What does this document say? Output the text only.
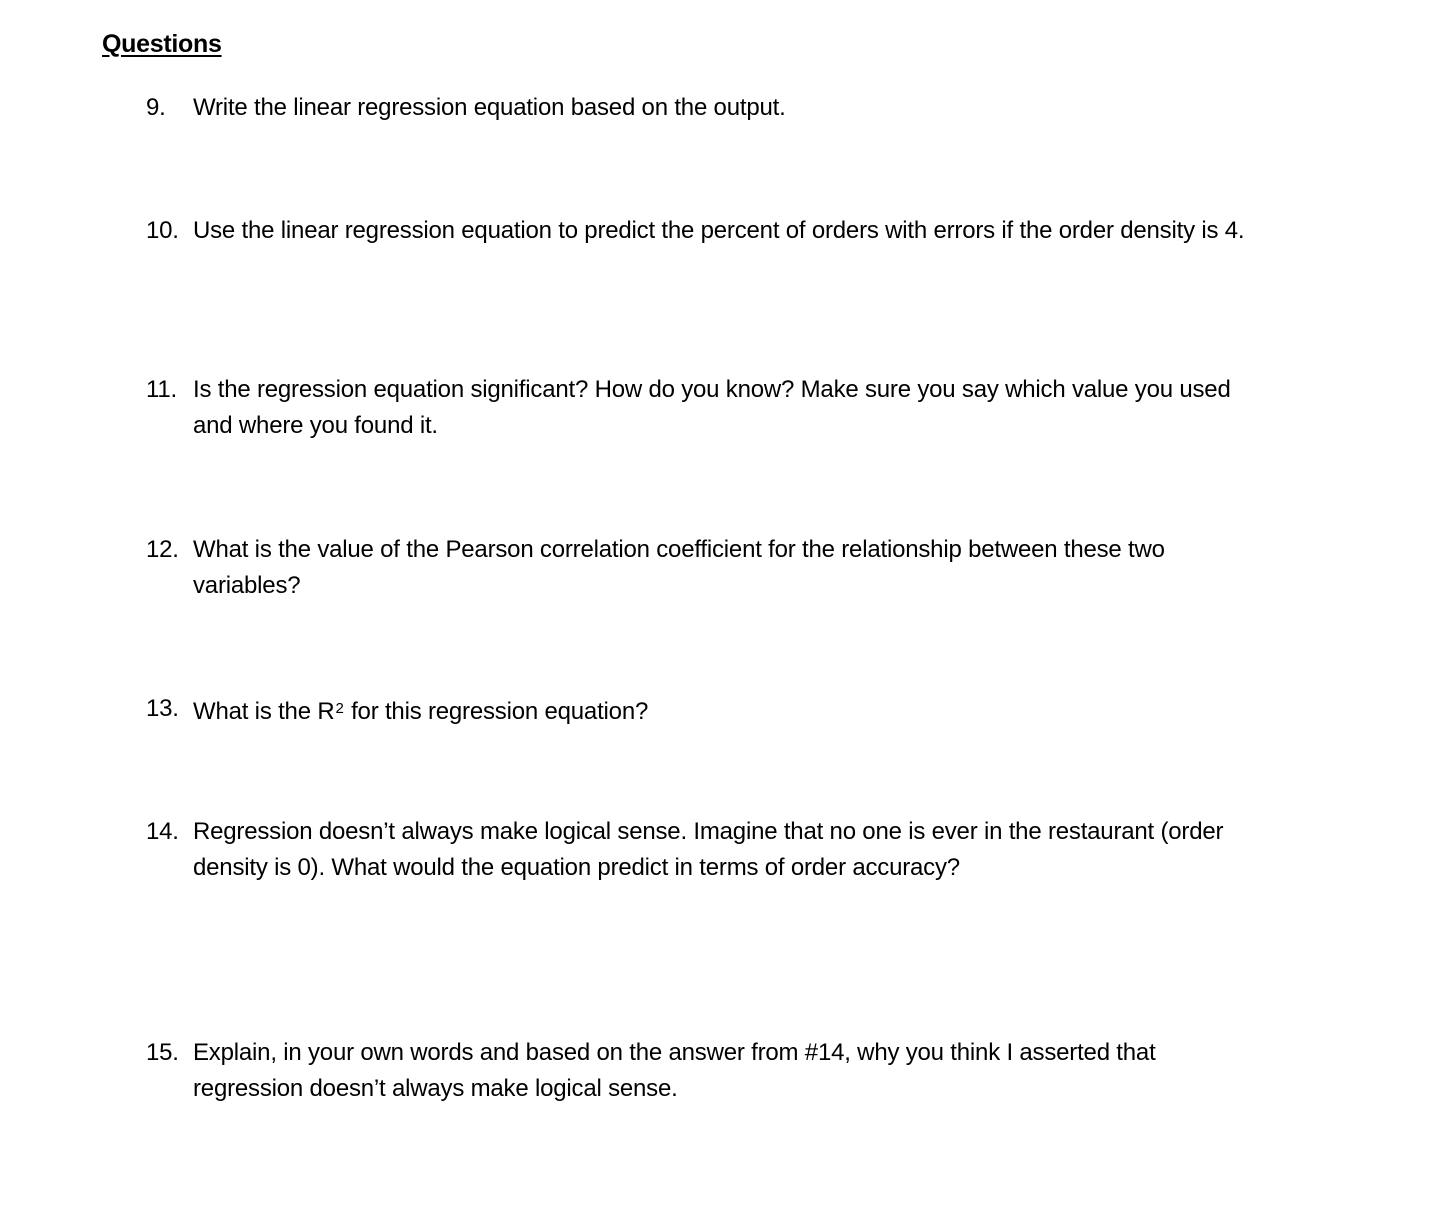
Questions
9. Write the linear regression equation based on the output.
10. Use the linear regression equation to predict the percent of orders with errors if the order density is 4.
11. Is the regression equation significant? How do you know? Make sure you say which value you used and where you found it.
12. What is the value of the Pearson correlation coefficient for the relationship between these two variables?
13. What is the $R^2$ for this regression equation?
14. Regression doesn’t always make logical sense. Imagine that no one is ever in the restaurant (order density is 0). What would the equation predict in terms of order accuracy?
15. Explain, in your own words and based on the answer from #14, why you think I asserted that regression doesn’t always make logical sense.
